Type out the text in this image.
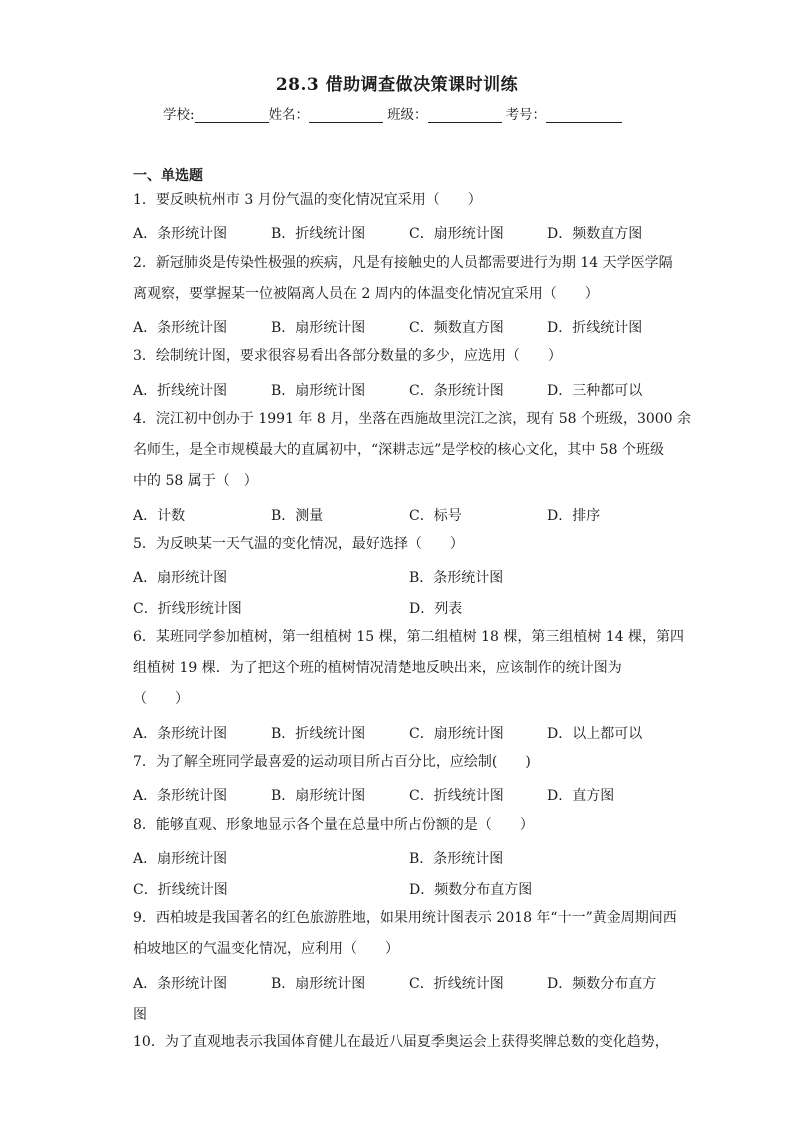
28.3 借助调查做决策课时训练
学校:	姓名：	班级：	考号：
一、单选题
1．要反映杭州市 3 月份气温的变化情况宜采用（　　）
A．条形统计图	B．折线统计图	C．扇形统计图	D．频数直方图
2．新冠肺炎是传染性极强的疾病，凡是有接触史的人员都需要进行为期 14 天学医学隔
离观察，要掌握某一位被隔离人员在 2 周内的体温变化情况宜采用（　　）
A．条形统计图	B．扇形统计图	C．频数直方图	D．折线统计图
3．绘制统计图，要求很容易看出各部分数量的多少，应选用（　　）
A．折线统计图	B．扇形统计图	C．条形统计图	D．三种都可以
4．浣江初中创办于 1991 年 8 月，坐落在西施故里浣江之滨，现有 58 个班级，3000 余
名师生，是全市规模最大的直属初中，“深耕志远”是学校的核心文化，其中 58 个班级
中的 58 属于（　）
A．计数	B．测量	C．标号	D．排序
5．为反映某一天气温的变化情况，最好选择（　　）
A．扇形统计图	B．条形统计图
C．折线形统计图	D．列表
6．某班同学参加植树，第一组植树 15 棵，第二组植树 18 棵，第三组植树 14 棵，第四
组植树 19 棵．为了把这个班的植树情况清楚地反映出来，应该制作的统计图为
（　　）
A．条形统计图	B．折线统计图	C．扇形统计图	D．以上都可以
7．为了解全班同学最喜爱的运动项目所占百分比，应绘制(　　)
A．条形统计图	B．扇形统计图	C．折线统计图	D．直方图
8．能够直观、形象地显示各个量在总量中所占份额的是（　　）
A．扇形统计图	B．条形统计图
C．折线统计图	D．频数分布直方图
9．西柏坡是我国著名的红色旅游胜地，如果用统计图表示 2018 年“十一”黄金周期间西
柏坡地区的气温变化情况，应利用（　　）
A．条形统计图	B．扇形统计图	C．折线统计图	D．频数分布直方
图
10．为了直观地表示我国体育健儿在最近八届夏季奥运会上获得奖牌总数的变化趋势，
